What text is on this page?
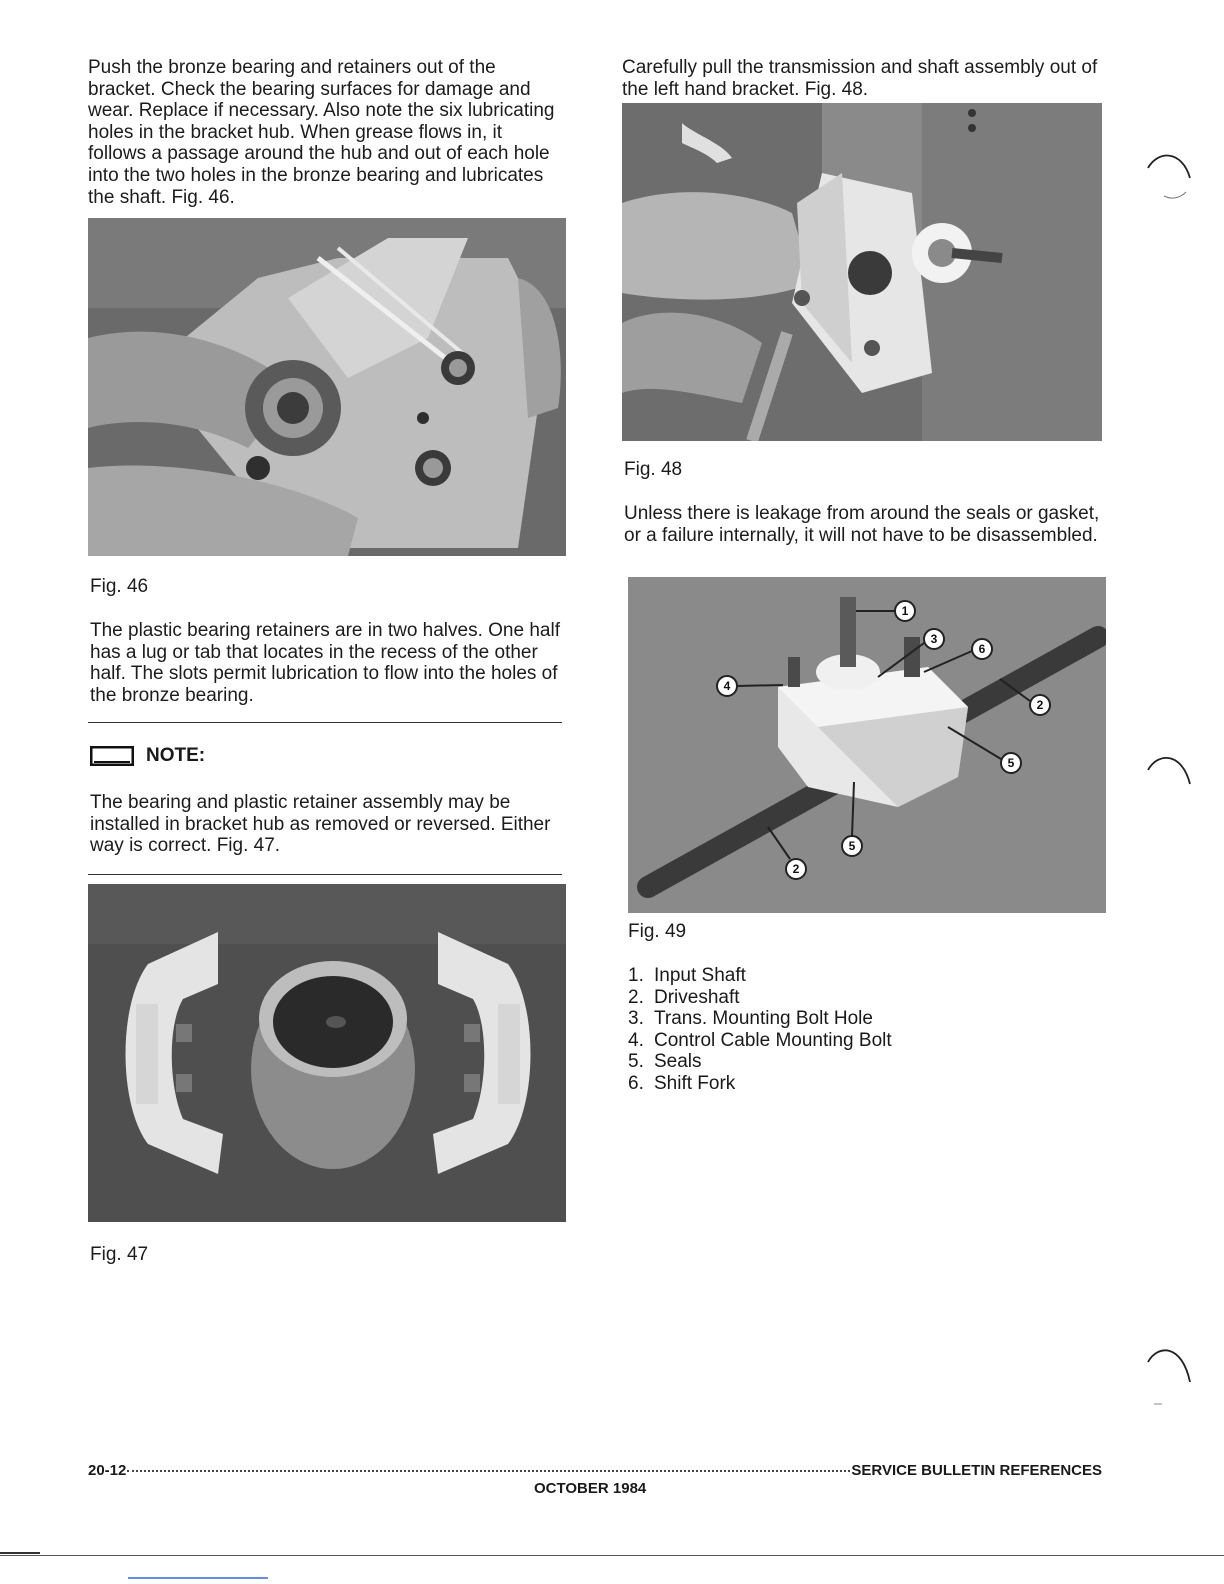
Push the bronze bearing and retainers out of the bracket. Check the bearing surfaces for damage and wear. Replace if necessary. Also note the six lubricating holes in the bracket hub. When grease flows in, it follows a passage around the hub and out of each hole into the two holes in the bronze bearing and lubricates the shaft. Fig. 46.

Fig. 46

The plastic bearing retainers are in two halves. One half has a lug or tab that locates in the recess of the other half. The slots permit lubrication to flow into the holes of the bronze bearing.

NOTE:

The bearing and plastic retainer assembly may be installed in bracket hub as removed or reversed. Either way is correct. Fig. 47.

Fig. 47

Carefully pull the transmission and shaft assembly out of the left hand bracket. Fig. 48.

Fig. 48

Unless there is leakage from around the seals or gasket, or a failure internally, it will not have to be disassembled.

1
3
6
4
2
5
5
2

Fig. 49

1. Input Shaft
2. Driveshaft
3. Trans. Mounting Bolt Hole
4. Control Cable Mounting Bolt
5. Seals
6. Shift Fork
20-12	SERVICE BULLETIN REFERENCES
OCTOBER 1984
